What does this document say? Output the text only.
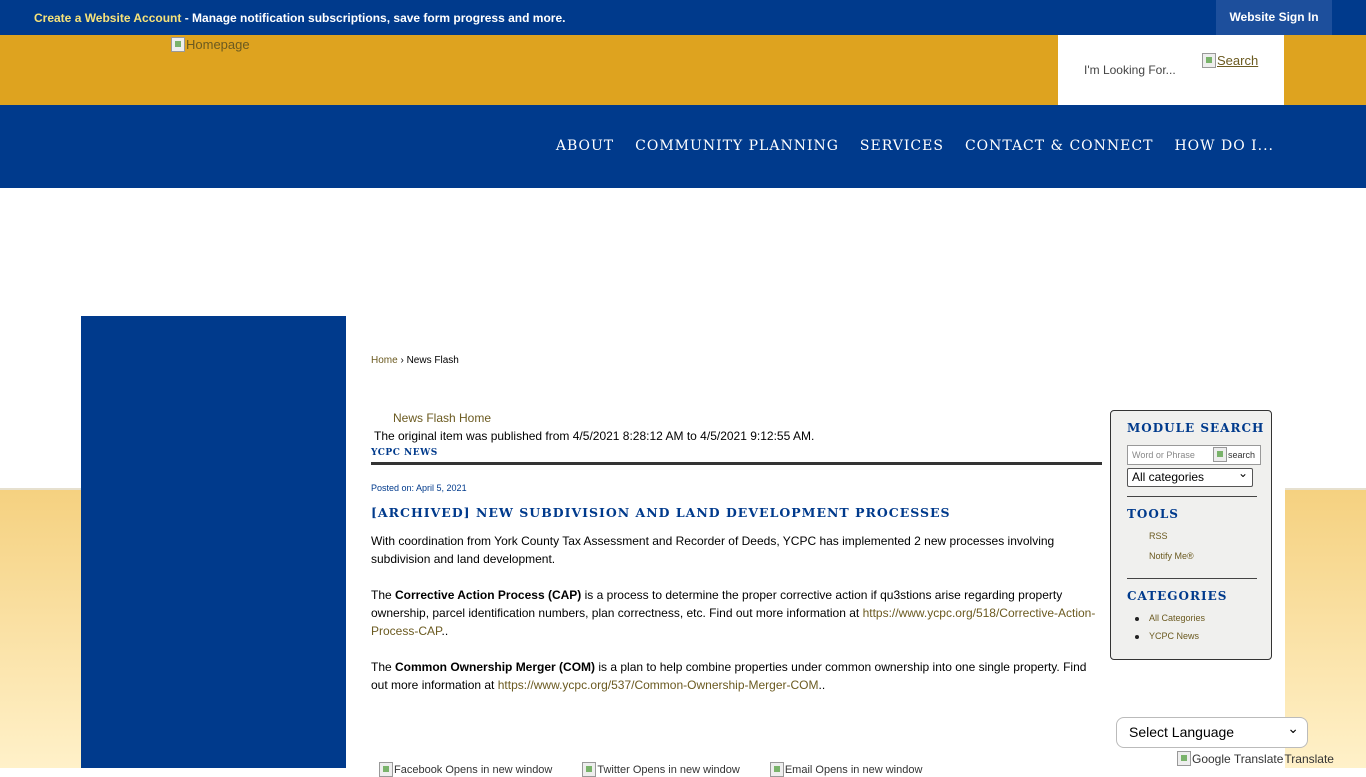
Create a Website Account - Manage notification subscriptions, save form progress and more.	Website Sign In
Homepage
I'm Looking For...
Search
ABOUT COMMUNITY PLANNING SERVICES CONTACT & CONNECT HOW DO I...
Home › News Flash
News Flash Home
The original item was published from 4/5/2021 8:28:12 AM to 4/5/2021 9:12:55 AM.
YCPC NEWS
Posted on: April 5, 2021
[ARCHIVED] NEW SUBDIVISION AND LAND DEVELOPMENT PROCESSES

With coordination from York County Tax Assessment and Recorder of Deeds, YCPC has implemented 2 new processes involving subdivision and land development.

The Corrective Action Process (CAP) is a process to determine the proper corrective action if qu3stions arise regarding property ownership, parcel identification numbers, plan correctness, etc. Find out more information at https://www.ycpc.org/518/Corrective-Action-Process-CAP..

The Common Ownership Merger (COM) is a plan to help combine properties under common ownership into one single property. Find out more information at https://www.ycpc.org/537/Common-Ownership-Merger-COM..

MODULE SEARCH
Word or Phrase	search
All categories ⌄
TOOLS
RSS
Notify Me®
CATEGORIES
All Categories
YCPC News
Select Language ⌄
Google Translate Translate
Facebook Opens in new window	Twitter Opens in new window	Email Opens in new window
